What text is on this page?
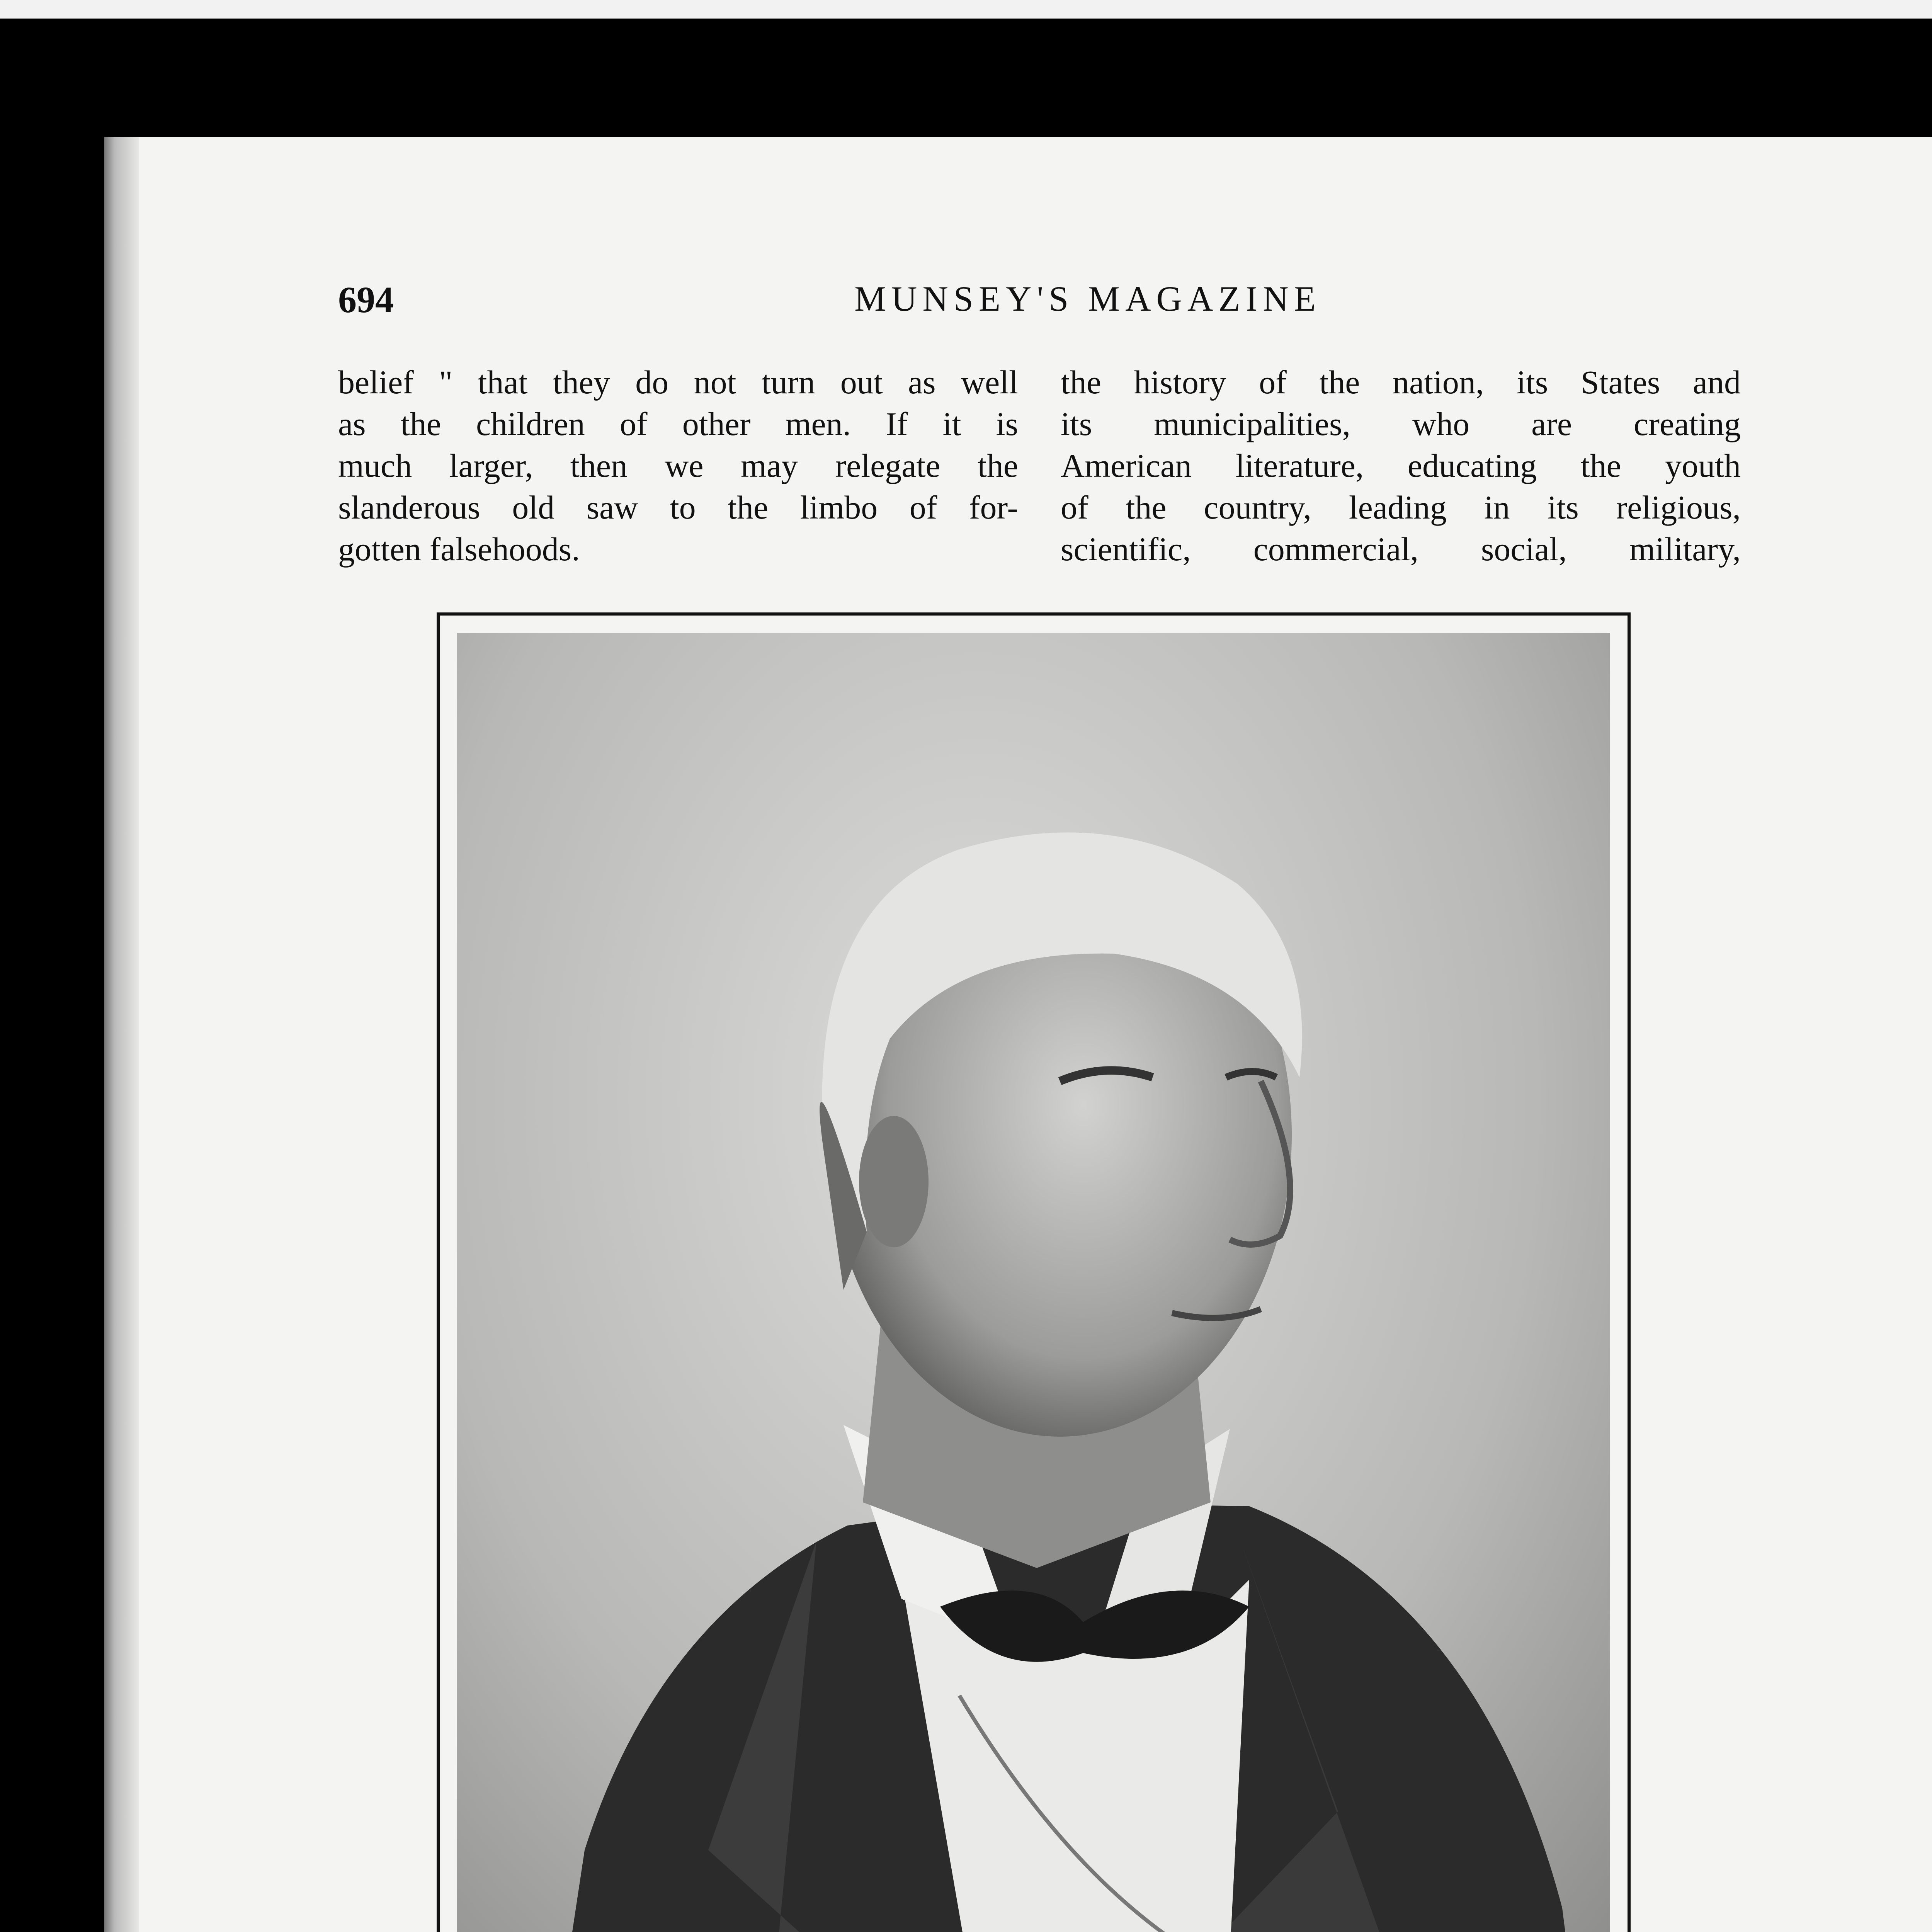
694	MUNSEY'S MAGAZINE
belief " that they do not turn out as well
as the children of other men. If it is
much larger, then we may relegate the
slanderous old saw to the limbo of for-
gotten falsehoods.
the history of the nation, its States and
its municipalities, who are creating
American literature, educating the youth
of the country, leading in its religious,
scientific, commercial, social, military,
